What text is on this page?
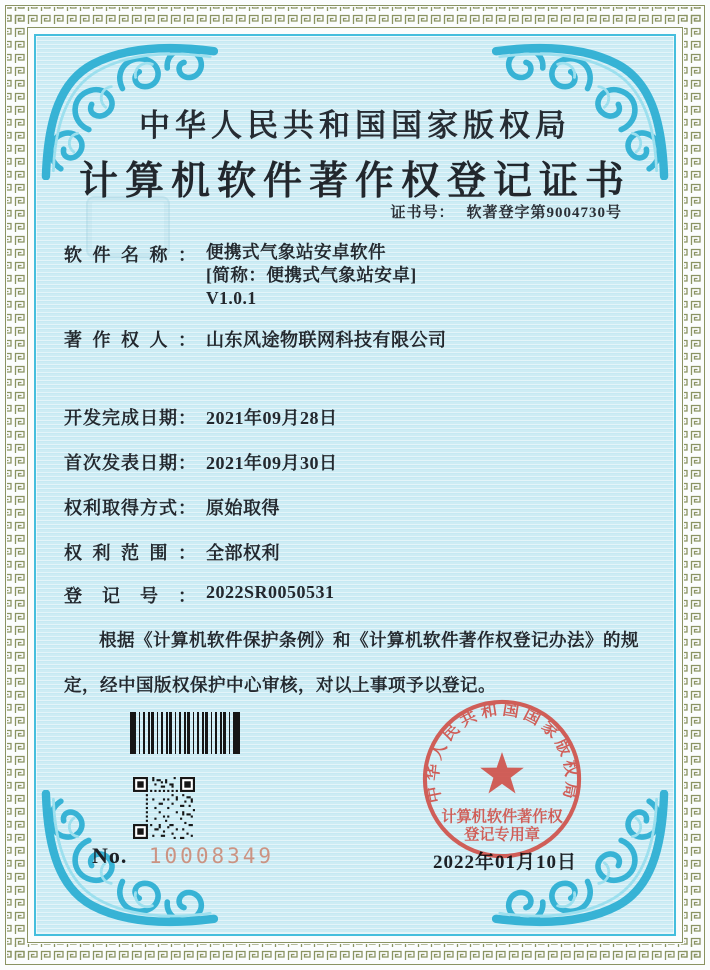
中华人民共和国国家版权局
计算机软件著作权登记证书
证书号： 软著登字第9004730号
软件名称： 便携式气象站安卓软件
[简称：便携式气象站安卓]
V1.0.1
著作权人： 山东风途物联网科技有限公司
开发完成日期： 2021年09月28日
首次发表日期： 2021年09月30日
权利取得方式： 原始取得
权利范围： 全部权利
登记号： 2022SR0050531
根据《计算机软件保护条例》和《计算机软件著作权登记办法》的规定，经中国版权保护中心审核，对以上事项予以登记。
No. 10008349
中华人民共和国国家版权局
计算机软件著作权
登记专用章
2022年01月10日
